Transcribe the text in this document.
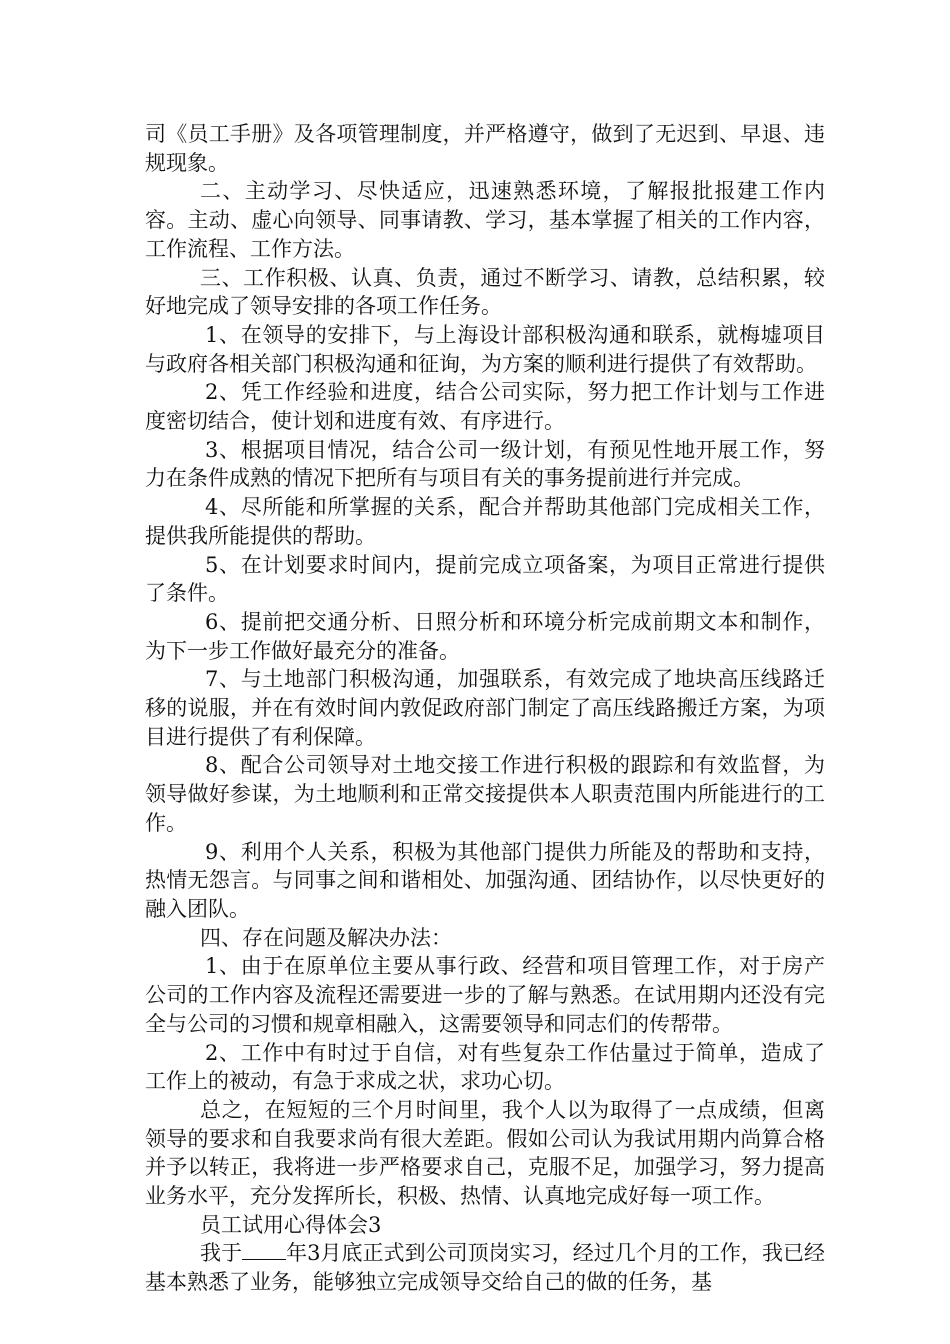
司《员工手册》及各项管理制度，并严格遵守，做到了无迟到、早退、违规现象。

二、主动学习、尽快适应，迅速熟悉环境，了解报批报建工作内容。主动、虚心向领导、同事请教、学习，基本掌握了相关的工作内容，工作流程、工作方法。

三、工作积极、认真、负责，通过不断学习、请教，总结积累，较好地完成了领导安排的各项工作任务。

1、在领导的安排下，与上海设计部积极沟通和联系，就梅墟项目与政府各相关部门积极沟通和征询，为方案的顺利进行提供了有效帮助。

2、凭工作经验和进度，结合公司实际，努力把工作计划与工作进度密切结合，使计划和进度有效、有序进行。

3、根据项目情况，结合公司一级计划，有预见性地开展工作，努力在条件成熟的情况下把所有与项目有关的事务提前进行并完成。

4、尽所能和所掌握的关系，配合并帮助其他部门完成相关工作，提供我所能提供的帮助。

5、在计划要求时间内，提前完成立项备案，为项目正常进行提供了条件。

6、提前把交通分析、日照分析和环境分析完成前期文本和制作，为下一步工作做好最充分的准备。

7、与土地部门积极沟通，加强联系，有效完成了地块高压线路迁移的说服，并在有效时间内敦促政府部门制定了高压线路搬迁方案，为项目进行提供了有利保障。

8、配合公司领导对土地交接工作进行积极的跟踪和有效监督，为领导做好参谋，为土地顺利和正常交接提供本人职责范围内所能进行的工作。

9、利用个人关系，积极为其他部门提供力所能及的帮助和支持，热情无怨言。与同事之间和谐相处、加强沟通、团结协作，以尽快更好的融入团队。

四、存在问题及解决办法：

1、由于在原单位主要从事行政、经营和项目管理工作，对于房产公司的工作内容及流程还需要进一步的了解与熟悉。在试用期内还没有完全与公司的习惯和规章相融入，这需要领导和同志们的传帮带。

2、工作中有时过于自信，对有些复杂工作估量过于简单，造成了工作上的被动，有急于求成之状，求功心切。

总之，在短短的三个月时间里，我个人以为取得了一点成绩，但离领导的要求和自我要求尚有很大差距。假如公司认为我试用期内尚算合格并予以转正，我将进一步严格要求自己，克服不足，加强学习，努力提高业务水平，充分发挥所长，积极、热情、认真地完成好每一项工作。

员工试用心得体会3

我于 年3月底正式到公司顶岗实习，经过几个月的工作，我已经基本熟悉了业务，能够独立完成领导交给自己的做的任务，基
